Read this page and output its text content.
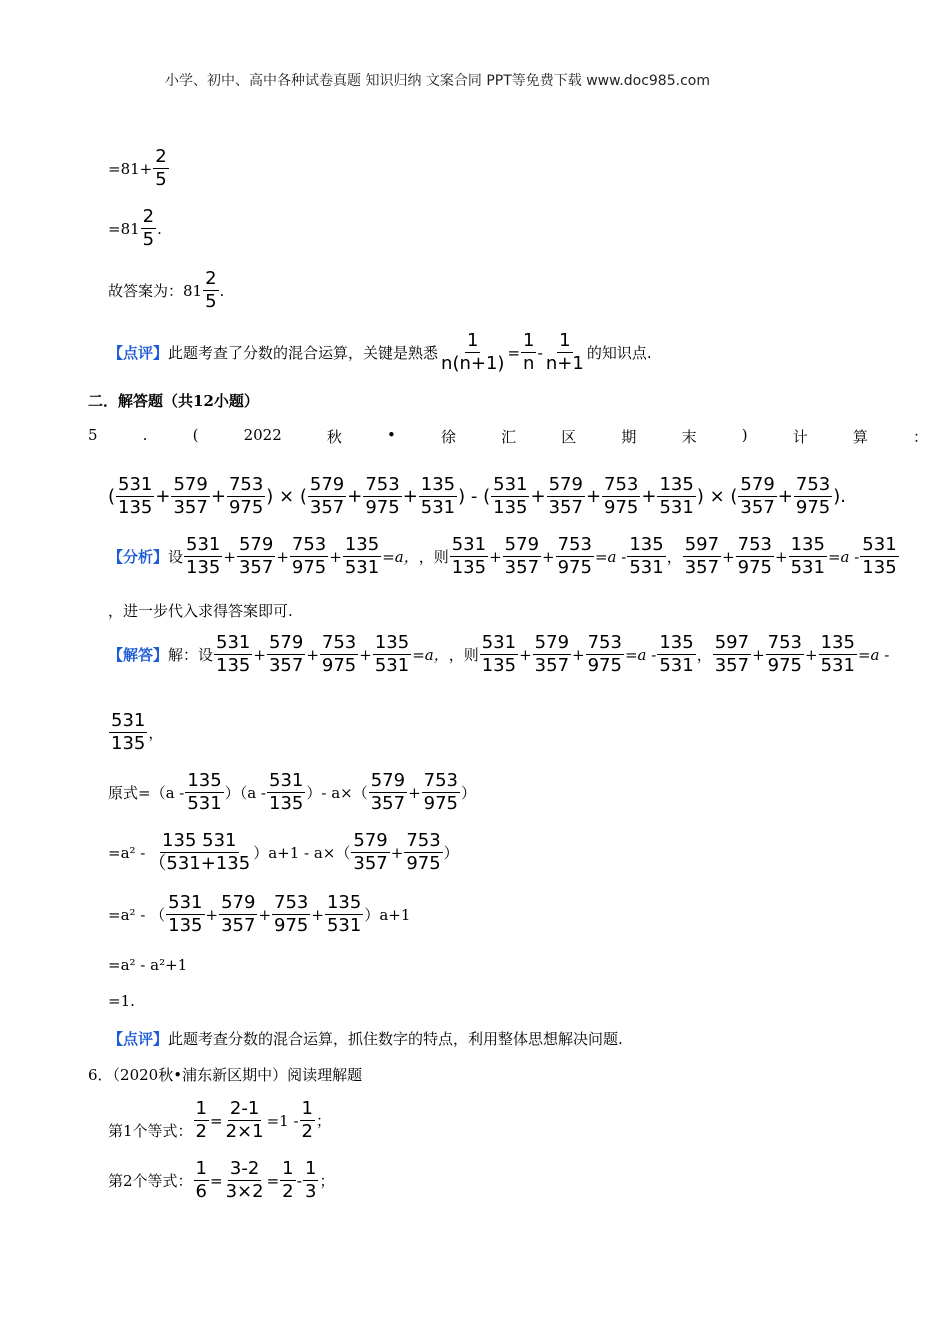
小学、初中、高中各种试卷真题 知识归纳 文案合同 PPT等免费下载 www.doc985.com
$=81+ \frac{2}{5}$
$=81 \frac{2}{5}$ .
故答案为：$81 \frac{2}{5}$ .
【点评】 此题考查了分数的混合运算，关键是熟悉 $\frac{1}{n(n+1)} = \frac{1}{n} - \frac{1}{n+1}$ 的知识点.
二．解答题（共12小题）
5	.	(	2022	秋	•	徐	汇	区	期	末	)	计	算	：
( $\frac{531}{135} + \frac{579}{357} + \frac{753}{975}$ ) × ( $\frac{579}{357} + \frac{753}{975} + \frac{135}{531}$ ) - ( $\frac{531}{135} + \frac{579}{357} + \frac{753}{975} + \frac{135}{531}$ ) × ( $\frac{579}{357} + \frac{753}{975}$ ).
【分析】 设 $\frac{531}{135} + \frac{579}{357} + \frac{753}{975} + \frac{135}{531} =a$， ，则 $\frac{531}{135} + \frac{579}{357} + \frac{753}{975} =a - \frac{135}{531}$ ， $\frac{597}{357} + \frac{753}{975} + \frac{135}{531} =a - \frac{531}{135}$
，进一步代入求得答案即可.
【解答】 解：设 $\frac{531}{135} + \frac{579}{357} + \frac{753}{975} + \frac{135}{531} =a$， ，则 $\frac{531}{135} + \frac{579}{357} + \frac{753}{975} =a - \frac{135}{531}$ ， $\frac{597}{357} + \frac{753}{975} + \frac{135}{531} =a$ -
$\frac{531}{135}$ ，
原式$=(a - \frac{135}{531} )(a - \frac{531}{135}$ ）- $a\times( \frac{579}{357} + \frac{753}{975}$ ）
$=a^2 - \frac{135 531}{(531+135}$ ） $a+1 - a\times( \frac{579}{357} + \frac{753}{975}$ ）
=a² - （ $\frac{531}{135} + \frac{579}{357} + \frac{753}{975} + \frac{135}{531} )a+1$
=a² - a²+1
=1.
【点评】此题考查分数的混合运算，抓住数字的特点，利用整体思想解决问题.
6．（2020秋•浦东新区期中）阅读理解题
第1个等式： $\frac{1}{2} = \frac{2-1}{2\times 1} =1 - \frac{1}{2}$ ；
第2个等式： $\frac{1}{6} = \frac{3-2}{3\times 2} = \frac{1}{2} - \frac{1}{3}$ ；
